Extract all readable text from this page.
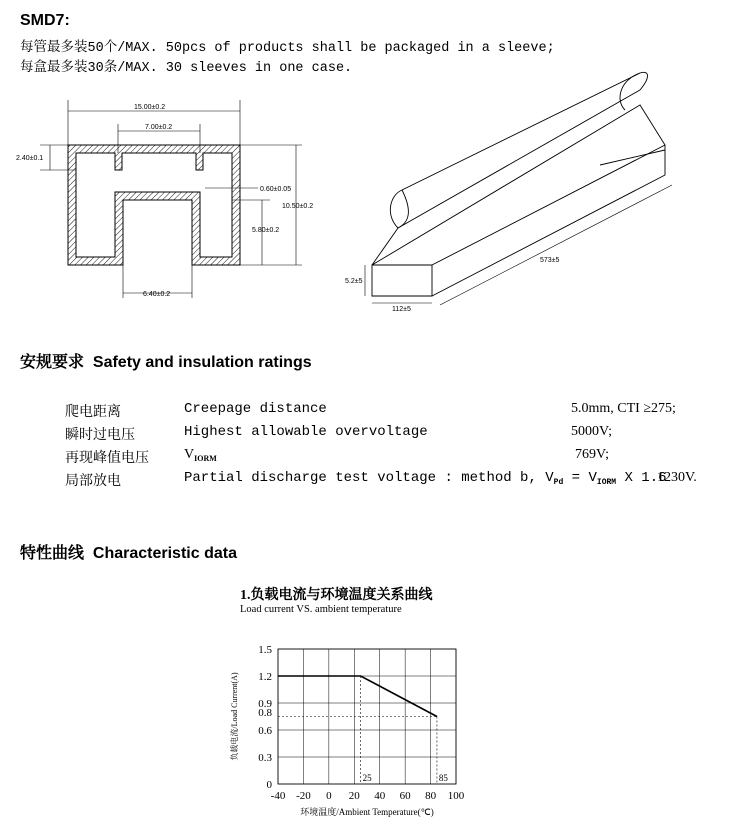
SMD7:
每管最多装50个/MAX. 50pcs of products shall be packaged in a sleeve;
每盒最多装30条/MAX. 30 sleeves in one case.
15.00±0.2
7.00±0.2
2.40±0.1
0.60±0.05
10.50±0.2
5.80±0.2
6.40±0.2
5.2±5
573±5
112±5
安规要求 Safety and insulation ratings
爬电距离	Creepage distance	5.0mm, CTI ≥275;
瞬时过电压	Highest allowable overvoltage	5000V;
再现峰值电压	$V_{IORM}$	769V;
局部放电	Partial discharge test voltage : method b, $V_{Pd} = V_{IORM}$ X 1.6
1230V.
特性曲线 Characteristic data
1.负载电流与环境温度关系曲线
Load current VS. ambient temperature
-40 -20 0 20 40 60 80 100
0
0.3
0.6
0.8
0.9
1.2
1.5
25	85
环境温度/Ambient Temperature(℃)
负载电流/Load Current(A)
